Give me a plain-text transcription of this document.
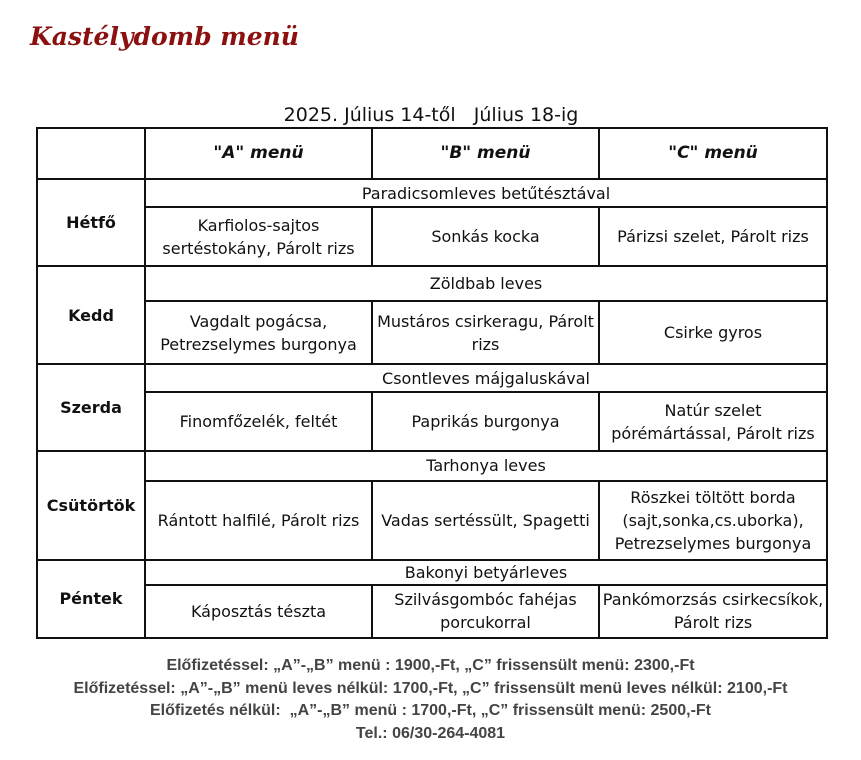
Kastélydomb menü
2025. Július 14-től   Július 18-ig
	"A" menü	"B" menü	"C" menü
Hétfő	Paradicsomleves betűtésztával		
	Karfiolos-sajtos sertéstokány, Párolt rizs	Sonkás kocka	Párizsi szelet, Párolt rizs
Kedd	Zöldbab leves		
	Vagdalt pogácsa, Petrezselymes burgonya	Mustáros csirkeragu, Párolt rizs	Csirke gyros
Szerda	Csontleves májgaluskával		
	Finomfőzelék, feltét	Paprikás burgonya	Natúr szelet pórémártással, Párolt rizs

Csütörtök	Tarhonya leves		
	Rántott halfilé, Párolt rizs	Vadas sertéssült, Spagetti	Röszkei töltött borda (sajt,sonka,cs.uborka), Petrezselymes burgonya
Péntek	Bakonyi betyárleves		
	Káposztás tészta	Szilvásgombóc fahéjas porcukorral	Pankómorzsás csirkecsíkok, Párolt rizs
Előfizetéssel: „A”-„B” menü : 1900,-Ft, „C” frissensült menü: 2300,-Ft
Előfizetéssel: „A”-„B” menü leves nélkül: 1700,-Ft, „C” frissensült menü leves nélkül: 2100,-Ft
Előfizetés nélkül:  „A”-„B” menü : 1700,-Ft, „C” frissensült menü: 2500,-Ft
Tel.: 06/30-264-4081
